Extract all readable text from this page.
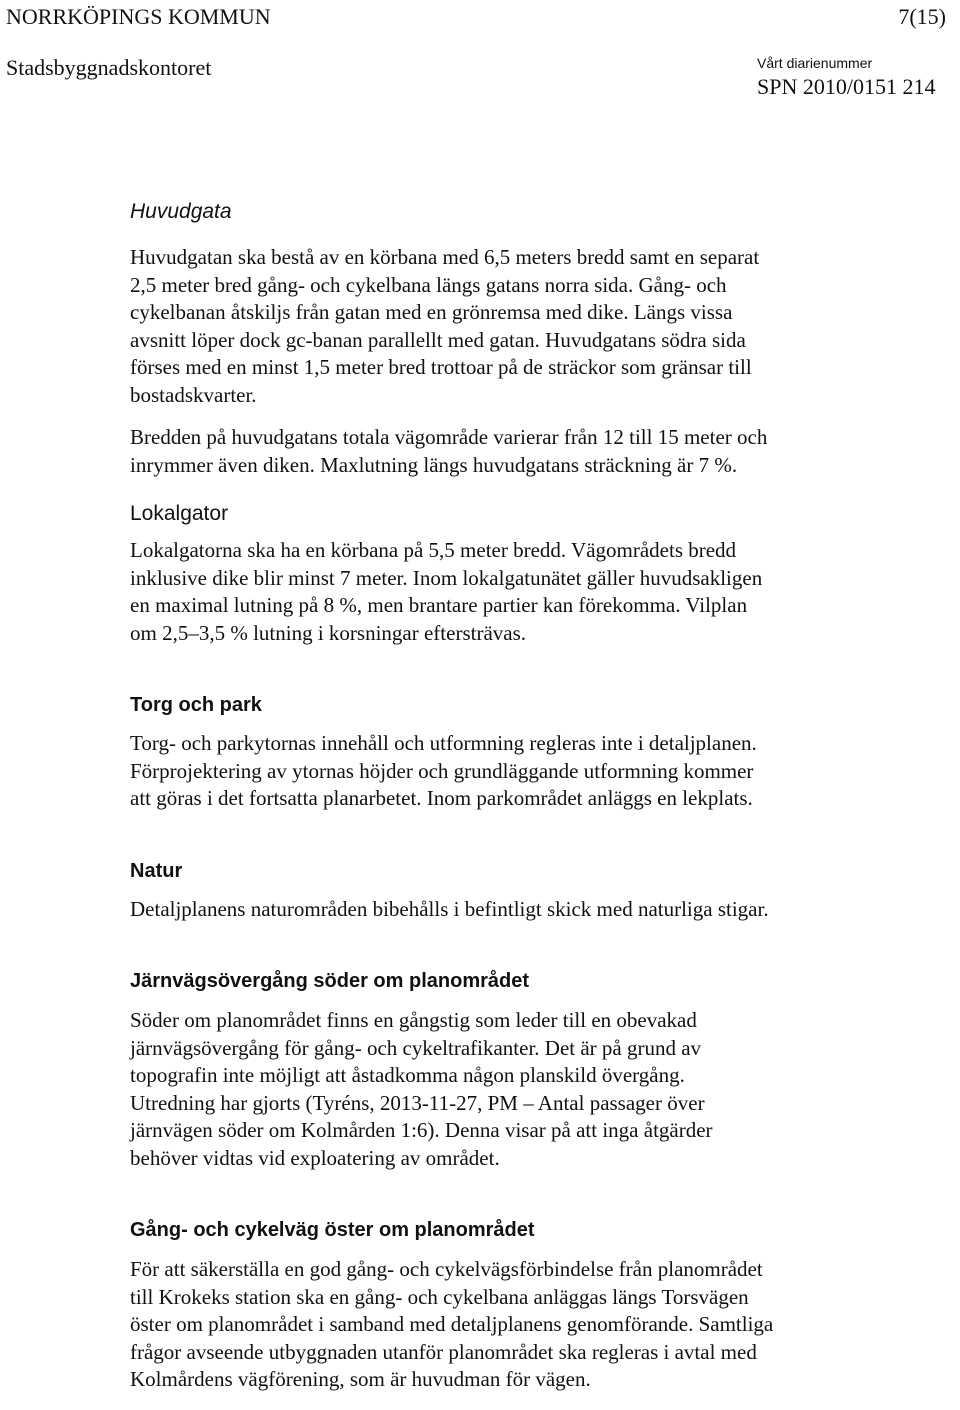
NORRKÖPINGS KOMMUN	7(15)
Stadsbyggnadskontoret	Vårt diarienummer
SPN 2010/0151 214
Huvudgata
Huvudgatan ska bestå av en körbana med 6,5 meters bredd samt en separat
2,5 meter bred gång- och cykelbana längs gatans norra sida. Gång- och
cykelbanan åtskiljs från gatan med en grönremsa med dike. Längs vissa
avsnitt löper dock gc-banan parallellt med gatan. Huvudgatans södra sida
förses med en minst 1,5 meter bred trottoar på de sträckor som gränsar till
bostadskvarter.
Bredden på huvudgatans totala vägområde varierar från 12 till 15 meter och
inrymmer även diken. Maxlutning längs huvudgatans sträckning är 7 %.
Lokalgator
Lokalgatorna ska ha en körbana på 5,5 meter bredd. Vägområdets bredd
inklusive dike blir minst 7 meter. Inom lokalgatunätet gäller huvudsakligen
en maximal lutning på 8 %, men brantare partier kan förekomma. Vilplan
om 2,5–3,5 % lutning i korsningar eftersträvas.
Torg och park
Torg- och parkytornas innehåll och utformning regleras inte i detaljplanen.
Förprojektering av ytornas höjder och grundläggande utformning kommer
att göras i det fortsatta planarbetet. Inom parkområdet anläggs en lekplats.
Natur
Detaljplanens naturområden bibehålls i befintligt skick med naturliga stigar.
Järnvägsövergång söder om planområdet
Söder om planområdet finns en gångstig som leder till en obevakad
järnvägsövergång för gång- och cykeltrafikanter. Det är på grund av
topografin inte möjligt att åstadkomma någon planskild övergång.
Utredning har gjorts (Tyréns, 2013-11-27, PM – Antal passager över
järnvägen söder om Kolmården 1:6). Denna visar på att inga åtgärder
behöver vidtas vid exploatering av området.
Gång- och cykelväg öster om planområdet
För att säkerställa en god gång- och cykelvägsförbindelse från planområdet
till Krokeks station ska en gång- och cykelbana anläggas längs Torsvägen
öster om planområdet i samband med detaljplanens genomförande. Samtliga
frågor avseende utbyggnaden utanför planområdet ska regleras i avtal med
Kolmårdens vägförening, som är huvudman för vägen.
